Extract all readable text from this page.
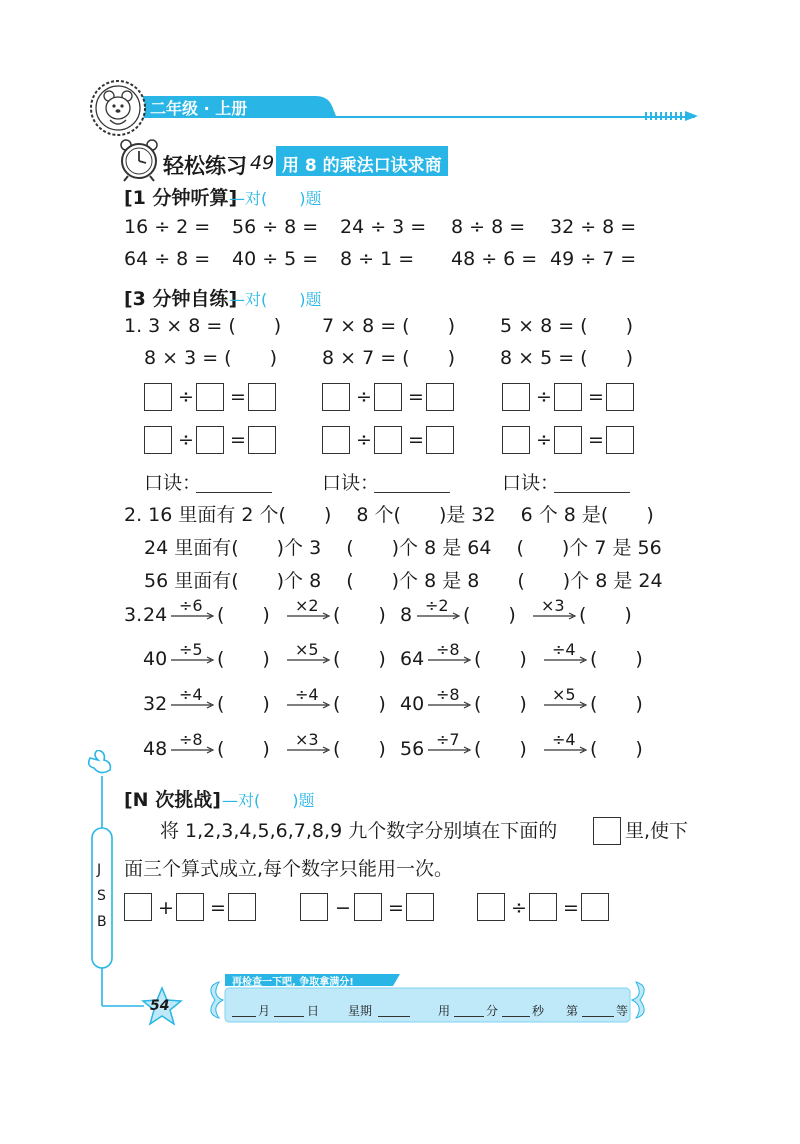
二年级 · 上册
轻松练习 49 用 8 的乘法口诀求商
[1 分钟听算]
—对(　　)题
16 ÷ 2 = 56 ÷ 8 = 24 ÷ 3 = 8 ÷ 8 = 32 ÷ 8 =
64 ÷ 8 = 40 ÷ 5 = 8 ÷ 1 = 48 ÷ 6 = 49 ÷ 7 =
[3 分钟自练]
—对(　　)题
1. 3 × 8 = (　　) 7 × 8 = (　　) 5 × 8 = (　　)
8 × 3 = (　　) 8 × 7 = (　　) 8 × 5 = (　　)
÷ =	÷ =	÷ =
÷ =	÷ =	÷ =
口诀：	口诀：	口诀：
2. 16 里面有 2 个(　　)　 8 个(　　)是 32　 6 个 8 是(　　)
24 里面有(　　)个 3　 (　　)个 8 是 64　 (　　)个 7 是 56
56 里面有(　　)个 8　 (　　)个 8 是 8　　(　　)个 8 是 24
3. 24 ÷6 (　　) ×2 (　　) 8 ÷2 (　　) ×3 (　　)
40 ÷5 (　　) ×5 (　　) 64 ÷8 (　　) ÷4 (　　)
32 ÷4 (　　) ÷4 (　　) 40 ÷8 (　　) ×5 (　　)
48 ÷8 (　　) ×3 (　　) 56 ÷7 (　　) ÷4 (　　)
J
S
B
[N 次挑战] —对(　　)题
将 1,2,3,4,5,6,7,8,9 九个数字分别填在下面的	里,使下
面三个算式成立,每个数字只能用一次。
+ =	− =	÷ =
54
再检查一下吧, 争取拿满分!
月	日 星期	用	分	秒 第	等
